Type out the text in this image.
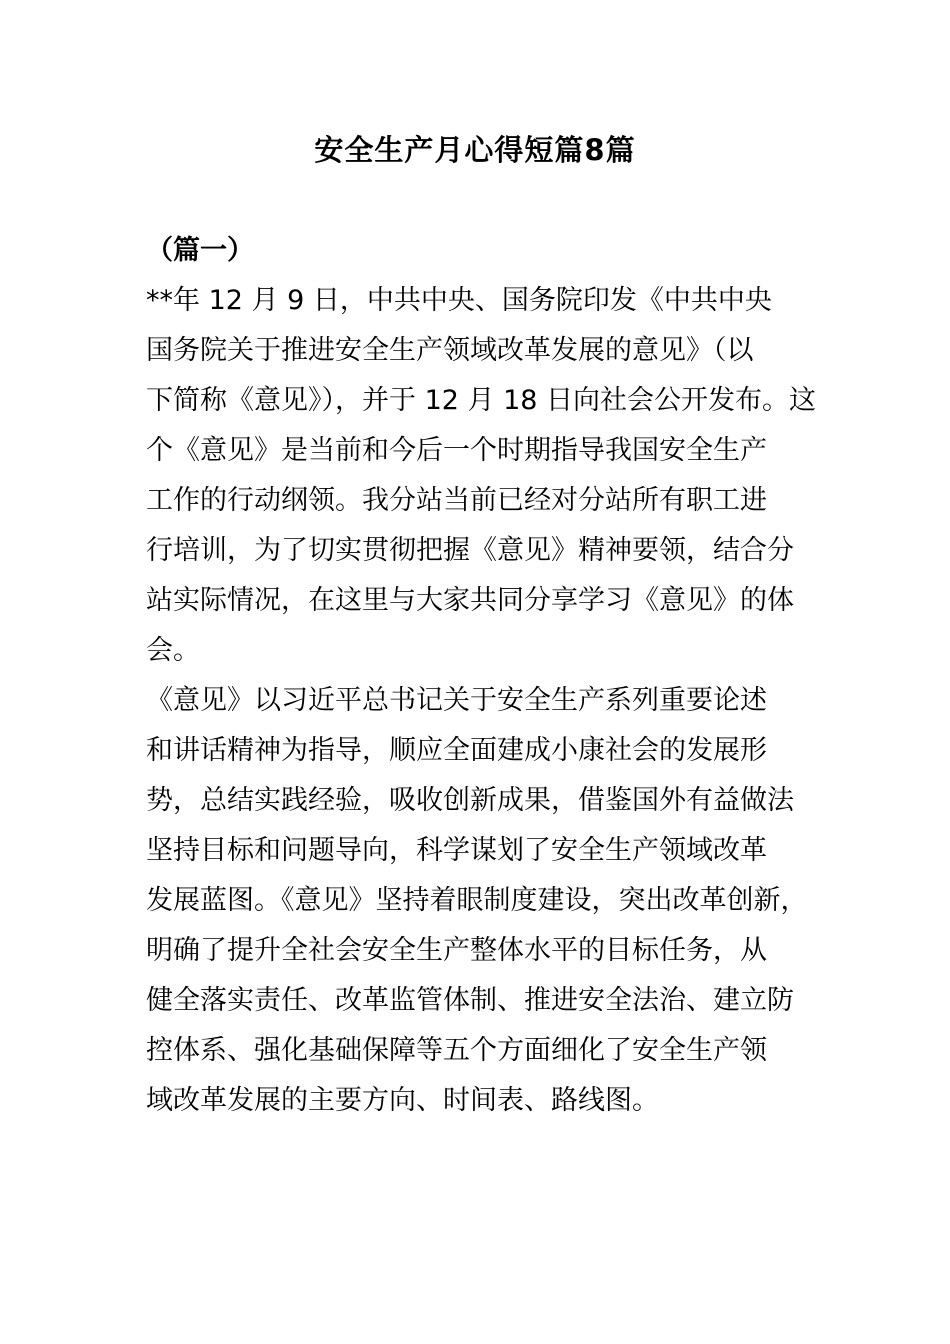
安全生产月心得短篇8篇
（篇一）
**年 12 月 9 日，中共中央、国务院印发《中共中央
国务院关于推进安全生产领域改革发展的意见》（以
下简称《意见》），并于 12 月 18 日向社会公开发布。这
个《意见》是当前和今后一个时期指导我国安全生产
工作的行动纲领。我分站当前已经对分站所有职工进
行培训，为了切实贯彻把握《意见》精神要领，结合分
站实际情况，在这里与大家共同分享学习《意见》的体
会。
《意见》以习近平总书记关于安全生产系列重要论述
和讲话精神为指导，顺应全面建成小康社会的发展形
势，总结实践经验，吸收创新成果，借鉴国外有益做法
坚持目标和问题导向，科学谋划了安全生产领域改革
发展蓝图。《意见》坚持着眼制度建设，突出改革创新，
明确了提升全社会安全生产整体水平的目标任务，从
健全落实责任、改革监管体制、推进安全法治、建立防
控体系、强化基础保障等五个方面细化了安全生产领
域改革发展的主要方向、时间表、路线图。
